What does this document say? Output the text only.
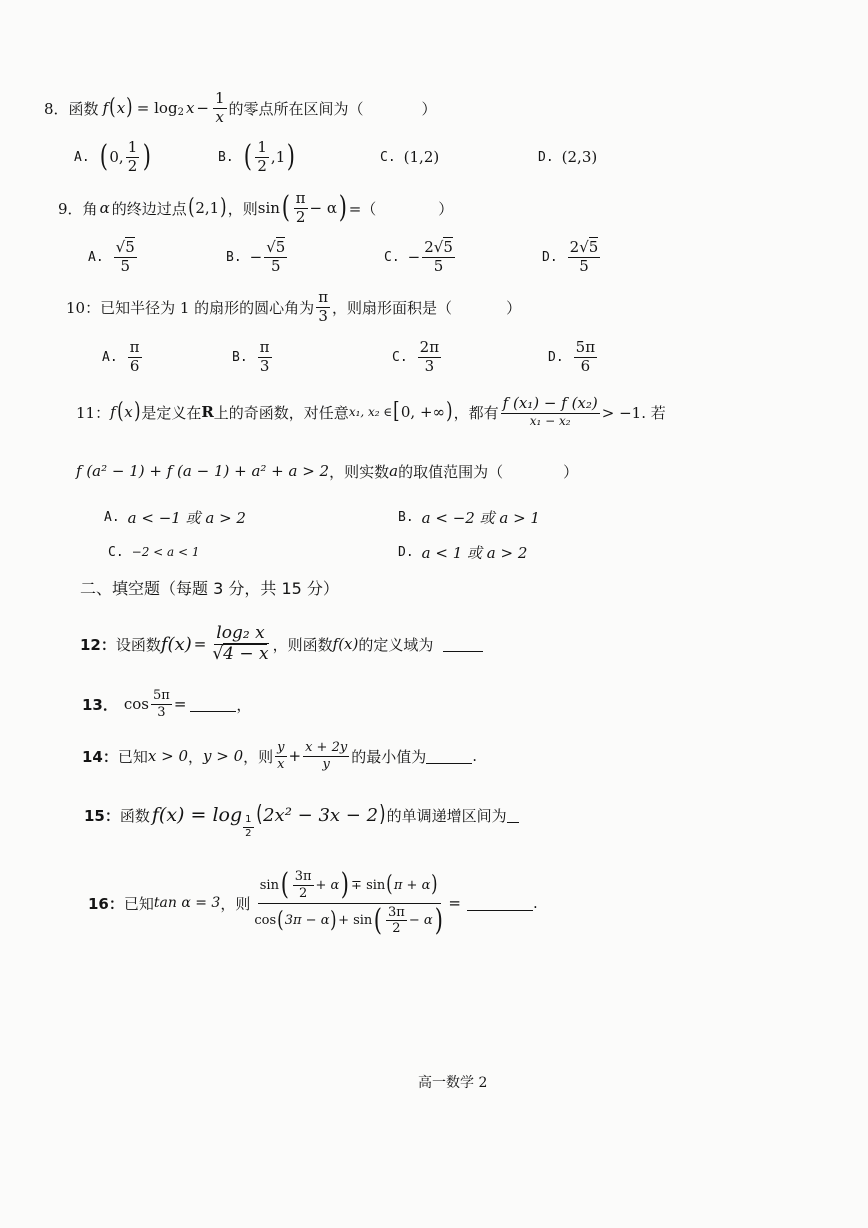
8． 函数 f ( x ) = log 2 $x - \frac{1}{x}$ 的零点所在区间为（	）
A. ( 0, $\frac{1}{2}$ )	B. ( $\frac{1}{2} ,1$ )	C. (1,2)	D. (2,3)
9． 角 α 的终边过点 ( 2,1 ) ，则 sin ( $\frac{\pi}{2} - \alpha$ ) =（	）
A. $\frac{√5}{5}$	B. − $\frac{√5}{5}$	C. − $\frac{2√5}{5}$	D. $\frac{2√5}{5}$
10： 已知半径为 1 的扇形的圆心角为 $\frac{\pi}{3}$ ，则扇形面积是（	）
A. $\frac{\pi}{6}$	B. $\frac{\pi}{3}$	C. $\frac{2\pi}{3}$	D. $\frac{5\pi}{6}$
11： f ( x ) 是定义在 R 上的奇函数，对任意 x₁, x₂ ∈ [ 0, +∞ ) ，都有 $\frac{\text{f (x₁) − f (x₂)}}{\text{x₁ − x₂}} > -1$. 若
f (a² − 1) + f (a − 1) + a² + a > 2 ，则实数 a 的取值范围为（	）
A. a < −1 或 a > 2	B. a < −2 或 a > 1
C. −2 < a < 1	D. a < 1 或 a > 2
二、填空题（每题 3 分，共 15 分）
12： 设函数 $f(x) = \frac{\text{log₂ x}}{√4 - x}$ ，则函数 f(x) 的定义域为
13． $\cos \frac{5\pi}{3}$ =	，
14： 已知 x > 0 ， y > 0 ，则 $\frac{y}{x} + \frac{x + 2y}{y}$ 的最小值为	.
15： 函数 $f(x) = \log \frac{1}{2}$ ( 2x² − 3x − 2 ) 的单调递增区间为
16： 已知 tan α = 3 ，则
sin ( $\frac{3\pi}{2} + \alpha$ ) ∓ sin ( π + α )
cos ( 3π − α ) + sin ( $\frac{3\pi}{2} - \alpha$ ) =	.
高一数学 2
